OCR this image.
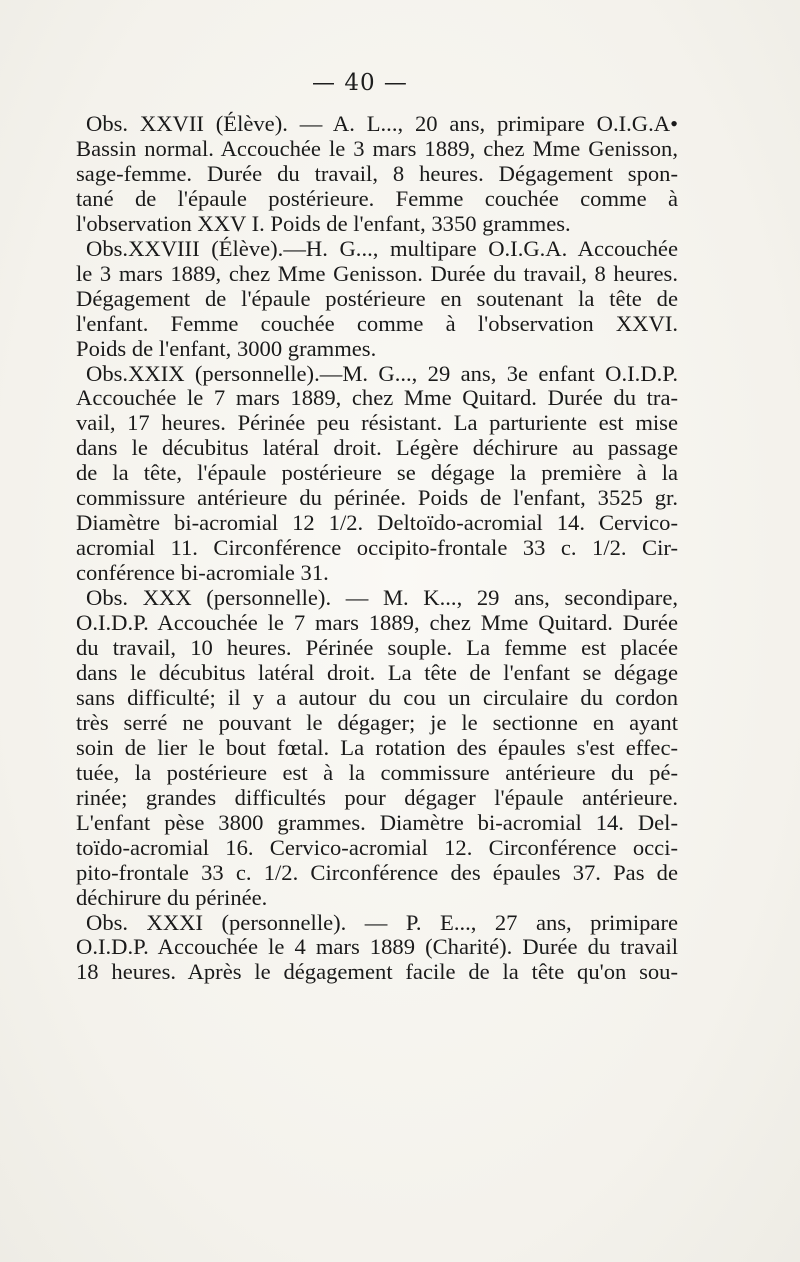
— 40 —
Obs. XXVII (Élève). — A. L..., 20 ans, primipare O.I.G.A•
Bassin normal. Accouchée le 3 mars 1889, chez Mme Genisson,
sage-femme. Durée du travail, 8 heures. Dégagement spon-
tané de l'épaule postérieure. Femme couchée comme à
l'observation XXV I. Poids de l'enfant, 3350 grammes.
Obs.XXVIII (Élève).—H. G..., multipare O.I.G.A. Accouchée
le 3 mars 1889, chez Mme Genisson. Durée du travail, 8 heures.
Dégagement de l'épaule postérieure en soutenant la tête de
l'enfant. Femme couchée comme à l'observation XXVI.
Poids de l'enfant, 3000 grammes.
Obs.XXIX (personnelle).—M. G..., 29 ans, 3e enfant O.I.D.P.
Accouchée le 7 mars 1889, chez Mme Quitard. Durée du tra-
vail, 17 heures. Périnée peu résistant. La parturiente est mise
dans le décubitus latéral droit. Légère déchirure au passage
de la tête, l'épaule postérieure se dégage la première à la
commissure antérieure du périnée. Poids de l'enfant, 3525 gr.
Diamètre bi-acromial 12 1/2. Deltoïdo-acromial 14. Cervico-
acromial 11. Circonférence occipito-frontale 33 c. 1/2. Cir-
conférence bi-acromiale 31.
Obs. XXX (personnelle). — M. K..., 29 ans, secondipare,
O.I.D.P. Accouchée le 7 mars 1889, chez Mme Quitard. Durée
du travail, 10 heures. Périnée souple. La femme est placée
dans le décubitus latéral droit. La tête de l'enfant se dégage
sans difficulté; il y a autour du cou un circulaire du cordon
très serré ne pouvant le dégager; je le sectionne en ayant
soin de lier le bout fœtal. La rotation des épaules s'est effec-
tuée, la postérieure est à la commissure antérieure du pé-
rinée; grandes difficultés pour dégager l'épaule antérieure.
L'enfant pèse 3800 grammes. Diamètre bi-acromial 14. Del-
toïdo-acromial 16. Cervico-acromial 12. Circonférence occi-
pito-frontale 33 c. 1/2. Circonférence des épaules 37. Pas de
déchirure du périnée.
Obs. XXXI (personnelle). — P. E..., 27 ans, primipare
O.I.D.P. Accouchée le 4 mars 1889 (Charité). Durée du travail
18 heures. Après le dégagement facile de la tête qu'on sou-
